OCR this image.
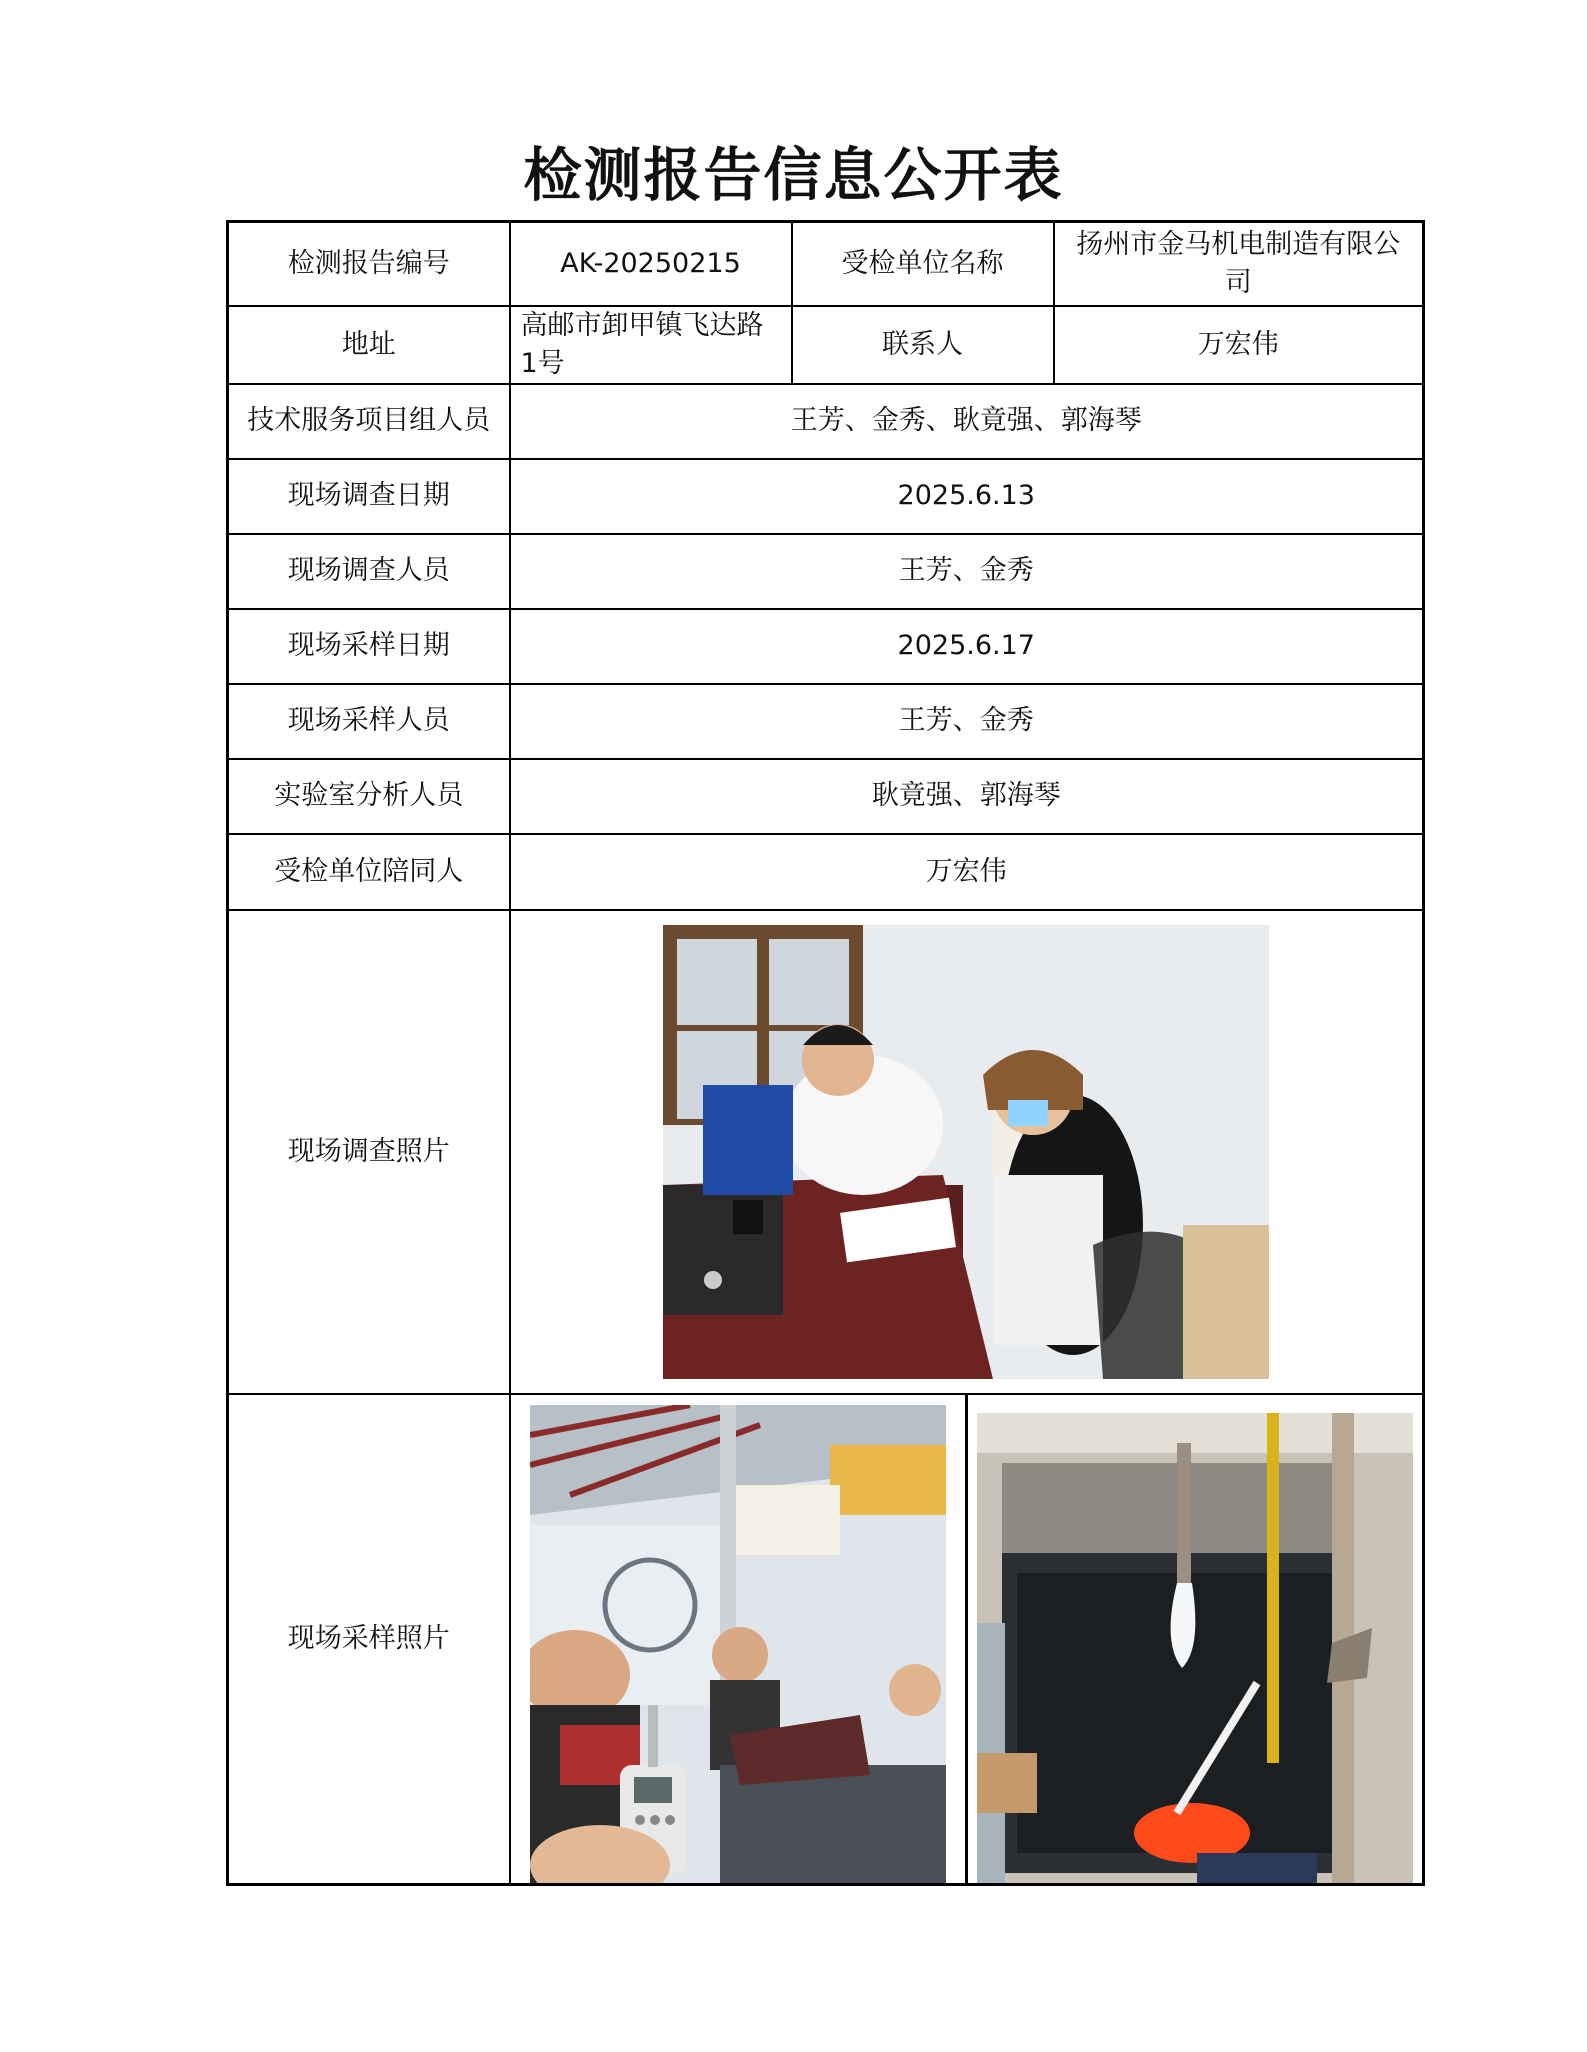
检测报告信息公开表
检测报告编号	AK-20250215	受检单位名称	扬州市金马机电制造有限公司
地址	高邮市卸甲镇飞达路1号	联系人	万宏伟
技术服务项目组人员	王芳、金秀、耿竟强、郭海琴		
现场调查日期	2025.6.13		
现场调查人员	王芳、金秀		
现场采样日期	2025.6.17		
现场采样人员	王芳、金秀		
实验室分析人员	耿竟强、郭海琴		
受检单位陪同人	万宏伟		
现场调查照片	

现场采样照片	
